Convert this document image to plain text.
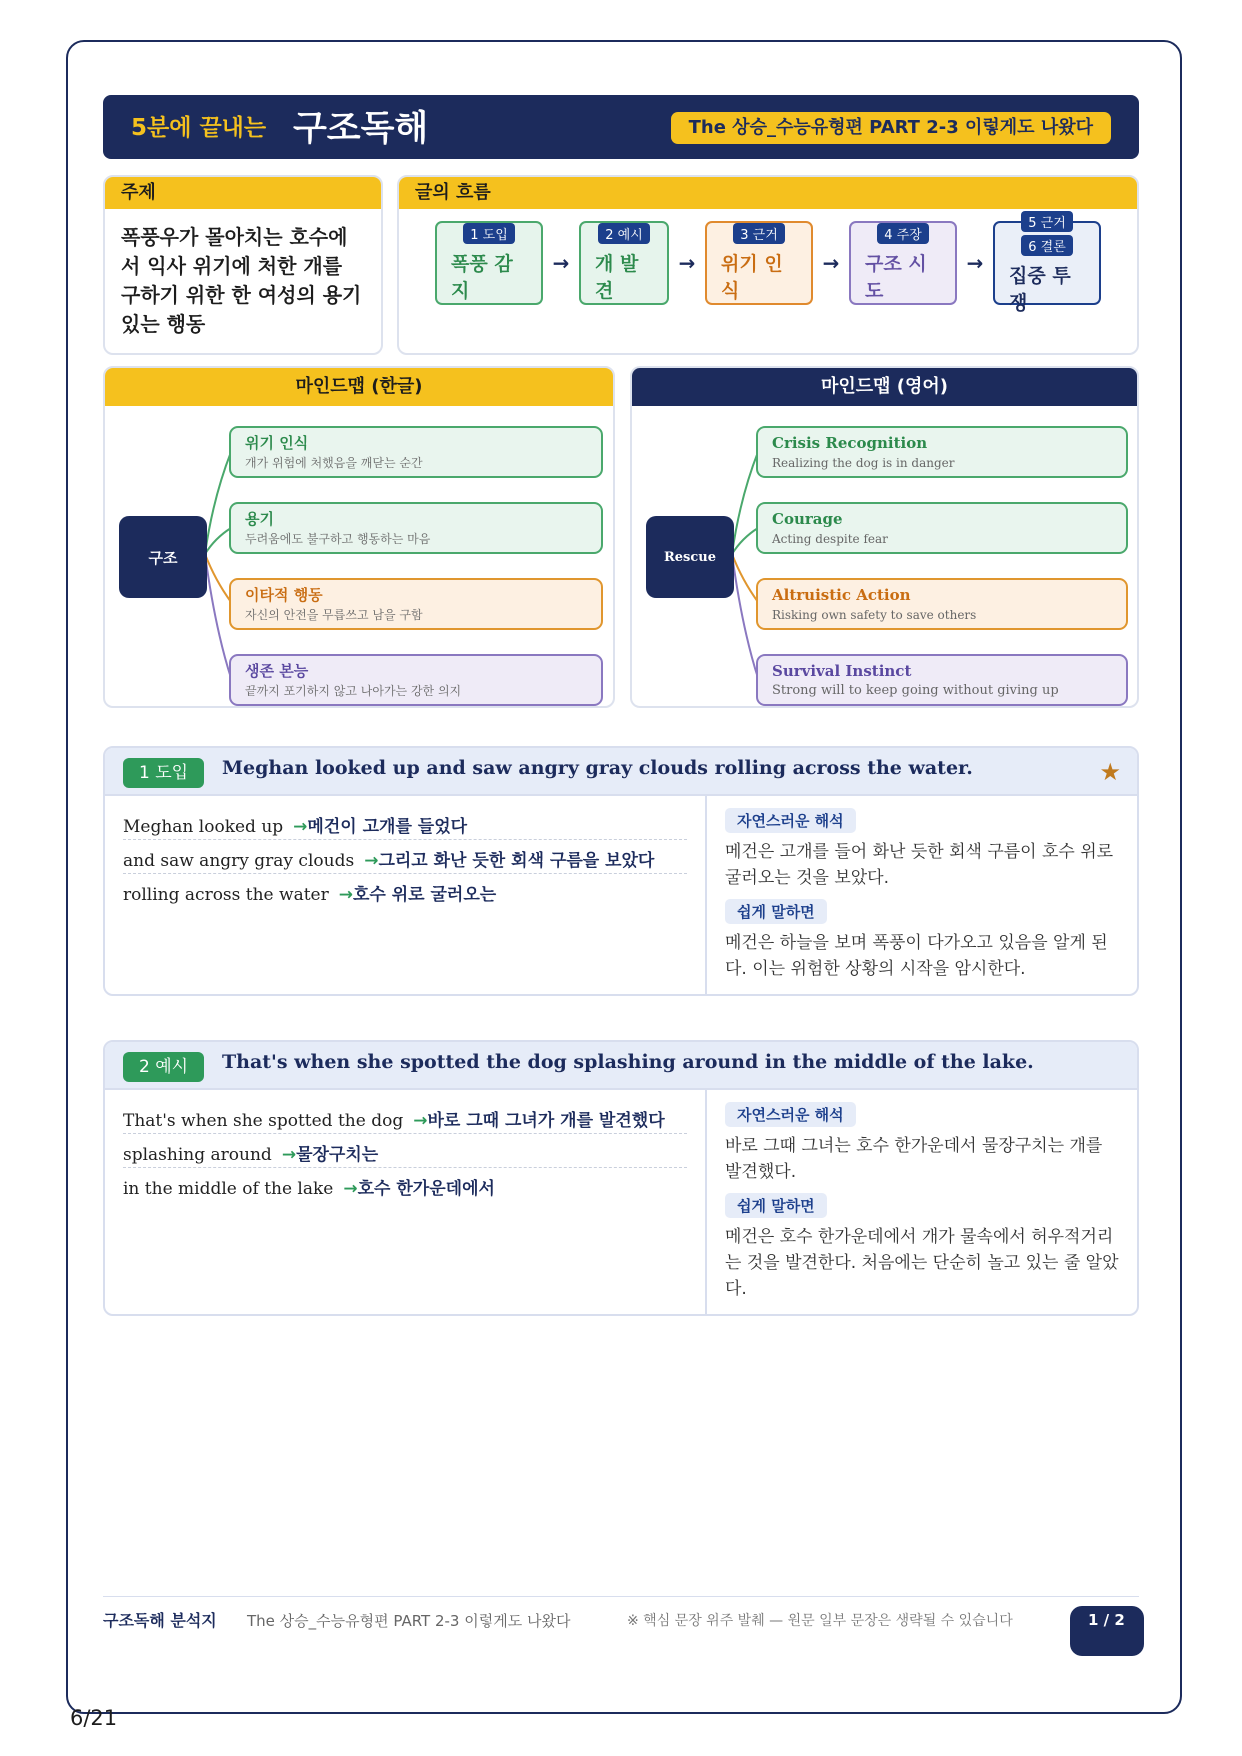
5분에 끝내는 구조독해	The 상승_수능유형편 PART 2-3 이렇게도 나왔다
주제
폭풍우가 몰아치는 호수에서 익사 위기에 처한 개를 구하기 위한 한 여성의 용기 있는 행동
글의 흐름
1 도입
폭풍 감지
→
2 예시
개 발견
→
3 근거
위기 인식
→
4 주장
구조 시도
→
5 근거
6 결론
집중 투쟁
마인드맵 (한글)
구조
위기 인식
개가 위험에 처했음을 깨닫는 순간
용기
두려움에도 불구하고 행동하는 마음
이타적 행동
자신의 안전을 무릅쓰고 남을 구함
생존 본능
끝까지 포기하지 않고 나아가는 강한 의지
마인드맵 (영어)
Rescue
Crisis Recognition
Realizing the dog is in danger
Courage
Acting despite fear
Altruistic Action
Risking own safety to save others
Survival Instinct
Strong will to keep going without giving up
1 도입	Meghan looked up and saw angry gray clouds rolling across the water.	★
Meghan looked up →메건이 고개를 들었다
and saw angry gray clouds →그리고 화난 듯한 회색 구름을 보았다
rolling across the water →호수 위로 굴러오는
자연스러운 해석
메건은 고개를 들어 화난 듯한 회색 구름이 호수 위로 굴러오는 것을 보았다.
쉽게 말하면
메건은 하늘을 보며 폭풍이 다가오고 있음을 알게 된다. 이는 위험한 상황의 시작을 암시한다.
2 예시	That's when she spotted the dog splashing around in the middle of the lake.
That's when she spotted the dog →바로 그때 그녀가 개를 발견했다
splashing around →물장구치는
in the middle of the lake →호수 한가운데에서
자연스러운 해석
바로 그때 그녀는 호수 한가운데서 물장구치는 개를 발견했다.
쉽게 말하면
메건은 호수 한가운데에서 개가 물속에서 허우적거리는 것을 발견한다. 처음에는 단순히 놀고 있는 줄 알았다.
구조독해 분석지	The 상승_수능유형편 PART 2-3 이렇게도 나왔다	※ 핵심 문장 위주 발췌 — 원문 일부 문장은 생략될 수 있습니다	1 / 2
6/21
